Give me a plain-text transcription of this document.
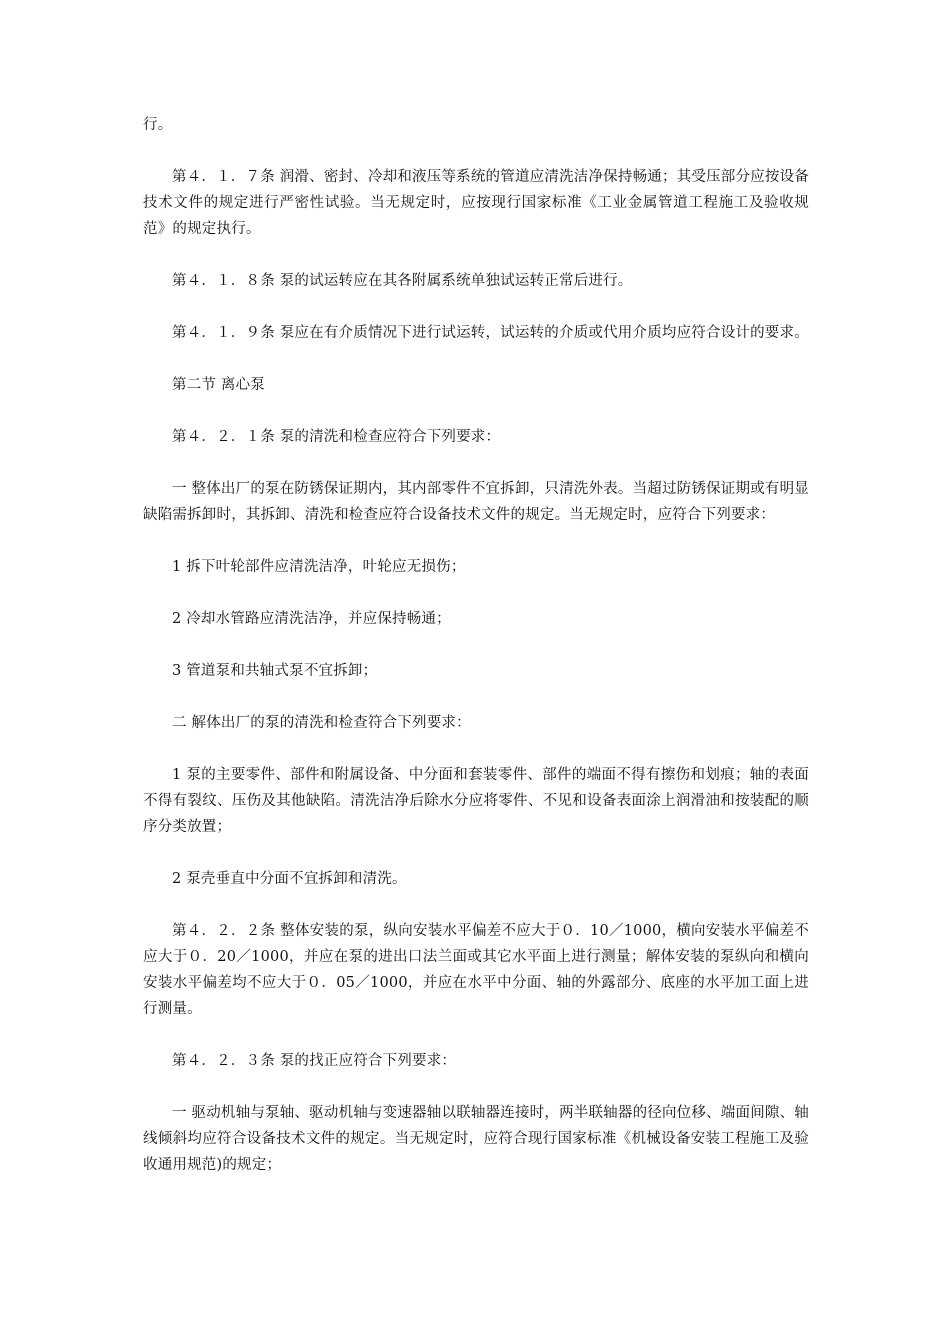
行。

第４．１．７条 润滑、密封、冷却和液压等系统的管道应清洗洁净保持畅通；其受压部分应按设备技术文件的规定进行严密性试验。当无规定时，应按现行国家标准《工业金属管道工程施工及验收规范》的规定执行。

第４．１．８条 泵的试运转应在其各附属系统单独试运转正常后进行。

第４．１．９条 泵应在有介质情况下进行试运转，试运转的介质或代用介质均应符合设计的要求。

第二节 离心泵

第４．２．１条 泵的清洗和检查应符合下列要求：

一 整体出厂的泵在防锈保证期内，其内部零件不宜拆卸，只清洗外表。当超过防锈保证期或有明显缺陷需拆卸时，其拆卸、清洗和检查应符合设备技术文件的规定。当无规定时，应符合下列要求：

1 拆下叶轮部件应清洗洁净，叶轮应无损伤；

2 冷却水管路应清洗洁净，并应保持畅通；

3 管道泵和共轴式泵不宜拆卸；

二 解体出厂的泵的清洗和检查符合下列要求：

1 泵的主要零件、部件和附属设备、中分面和套装零件、部件的端面不得有擦伤和划痕；轴的表面不得有裂纹、压伤及其他缺陷。清洗洁净后除水分应将零件、不见和设备表面涂上润滑油和按装配的顺序分类放置；

2 泵壳垂直中分面不宜拆卸和清洗。

第４．２．２条 整体安装的泵，纵向安装水平偏差不应大于０．10／1000，横向安装水平偏差不应大于０．20／1000，并应在泵的进出口法兰面或其它水平面上进行测量；解体安装的泵纵向和横向安装水平偏差均不应大于０．05／1000，并应在水平中分面、轴的外露部分、底座的水平加工面上进行测量。

第４．２．３条 泵的找正应符合下列要求：

一 驱动机轴与泵轴、驱动机轴与变速器轴以联轴器连接时，两半联轴器的径向位移、端面间隙、轴线倾斜均应符合设备技术文件的规定。当无规定时，应符合现行国家标准《机械设备安装工程施工及验收通用规范)的规定；
